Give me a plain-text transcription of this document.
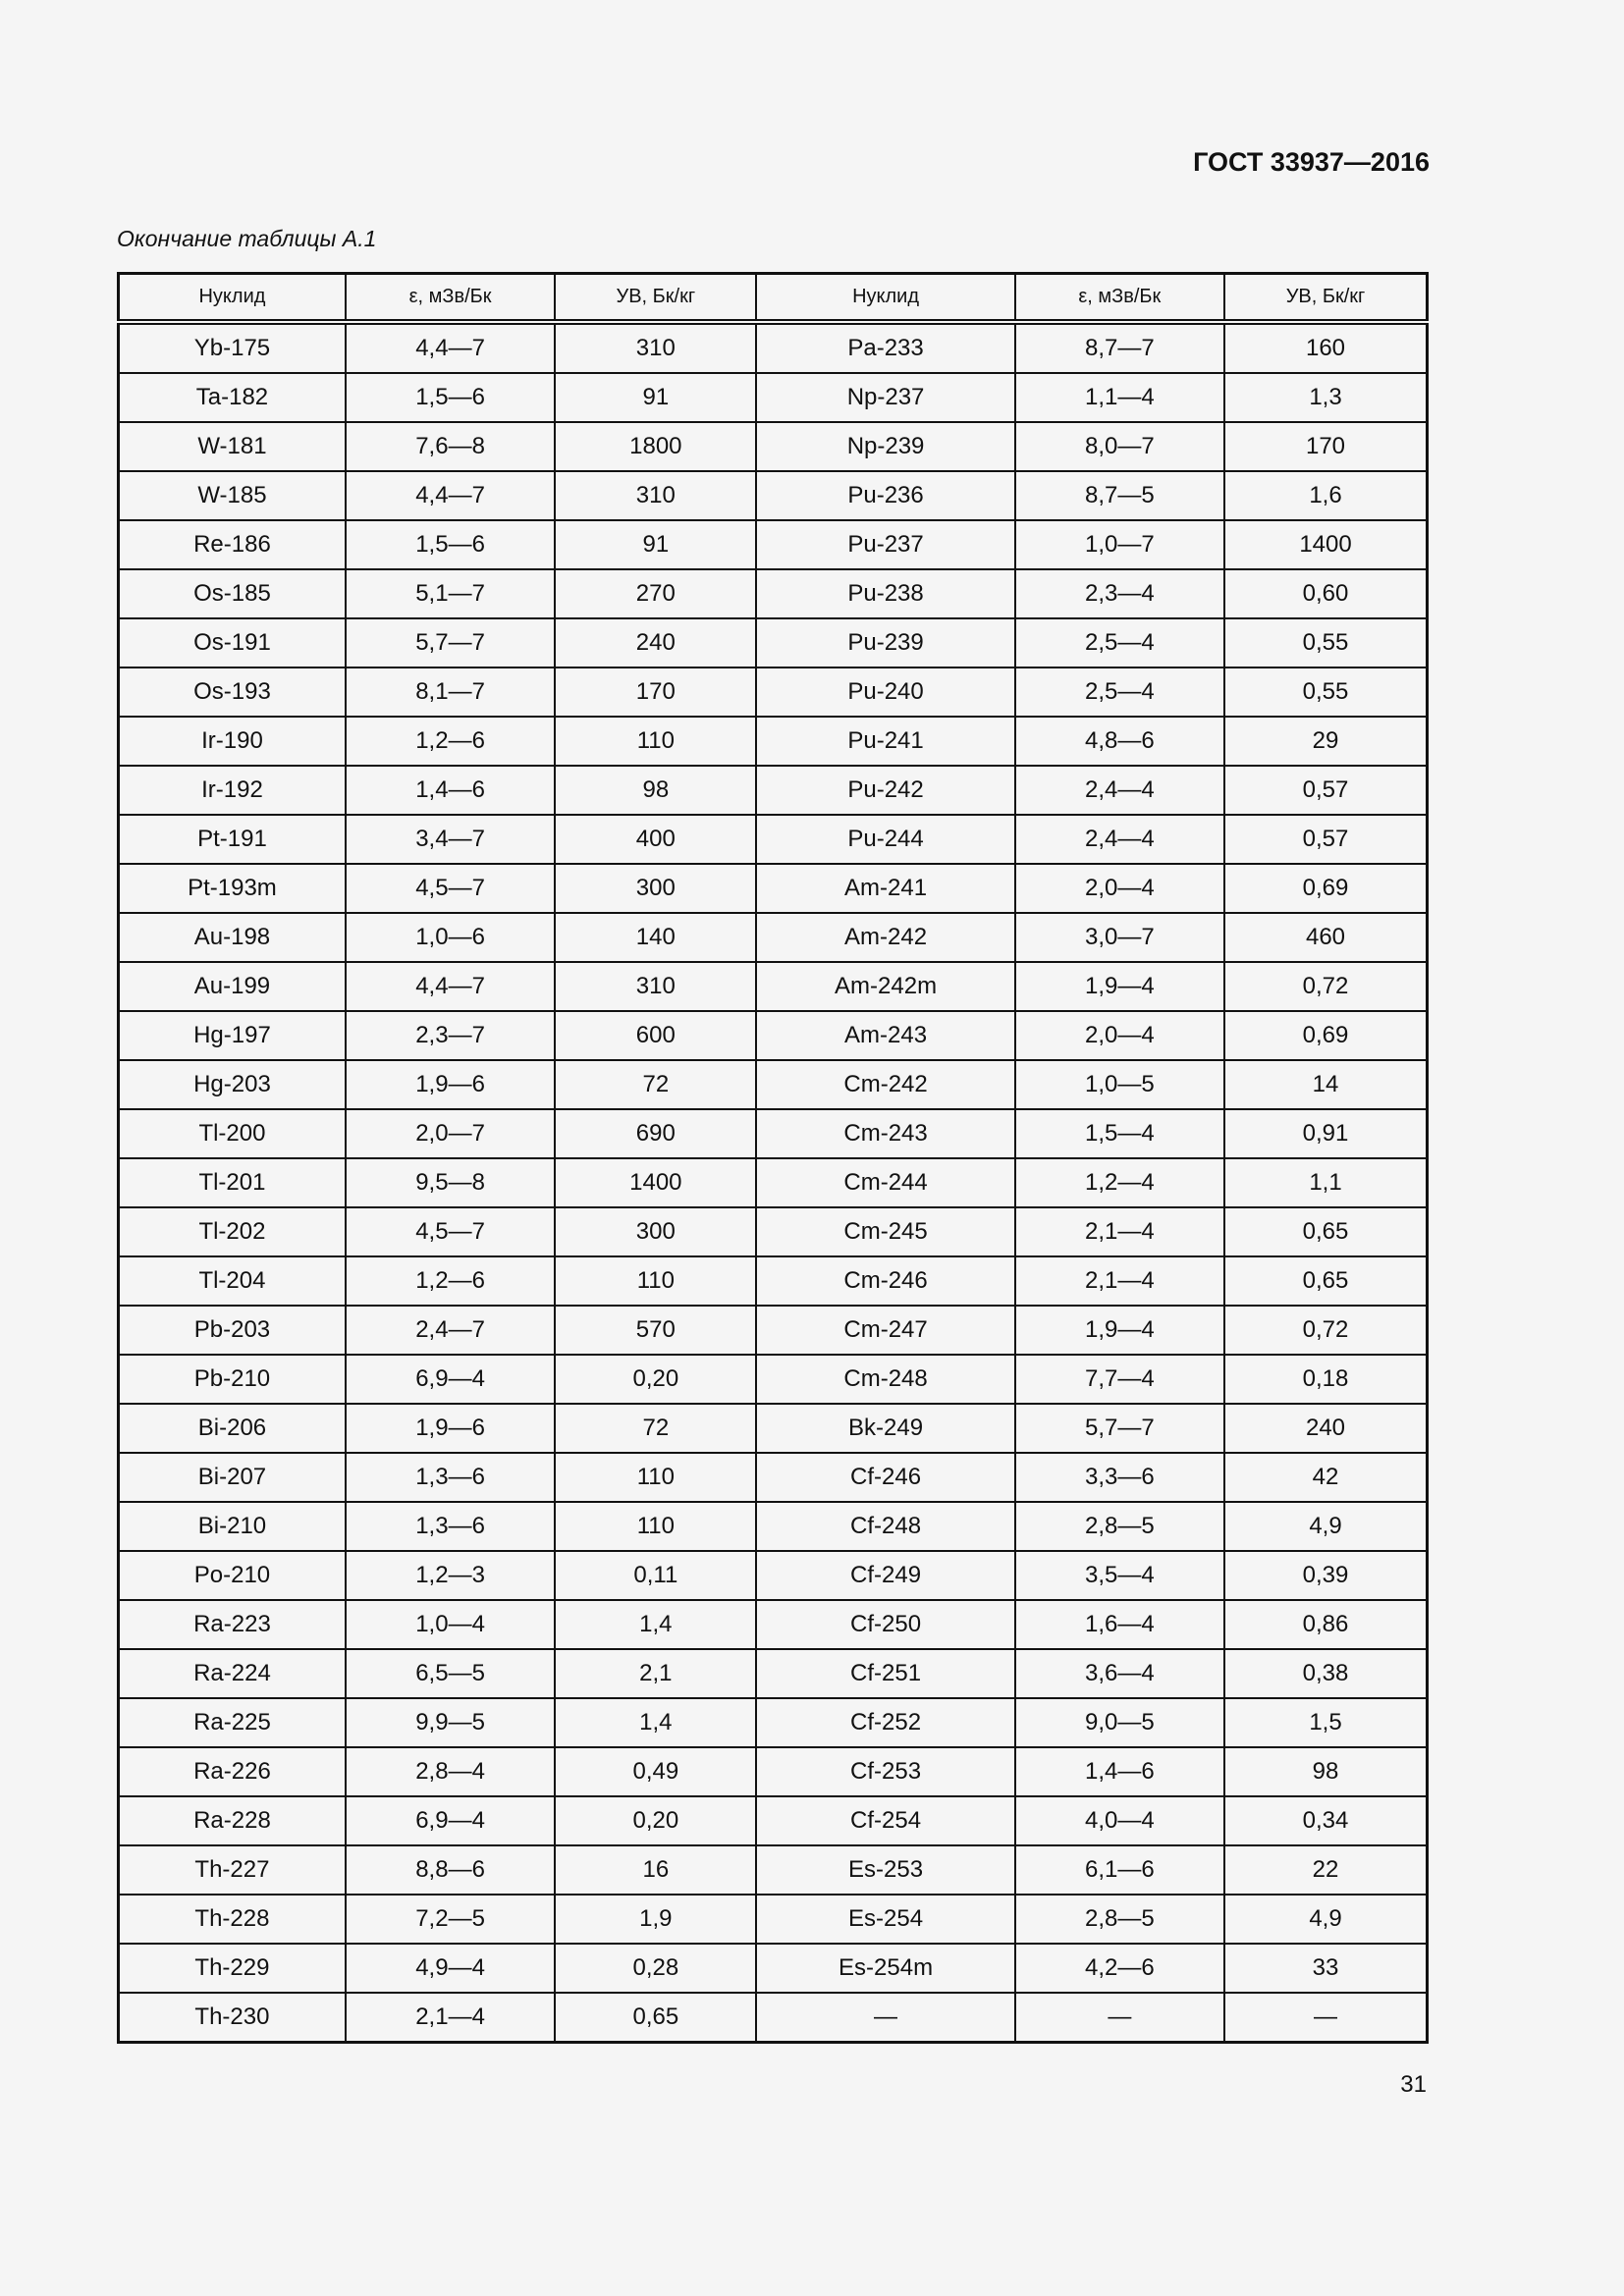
ГОСТ 33937—2016
Окончание таблицы А.1
Нуклид	ε, мЗв/Бк	УВ, Бк/кг	Нуклид	ε, мЗв/Бк	УВ, Бк/кг
Yb-175	4,4—7	310	Pa-233	8,7—7	160
Ta-182	1,5—6	91	Np-237	1,1—4	1,3
W-181	7,6—8	1800	Np-239	8,0—7	170
W-185	4,4—7	310	Pu-236	8,7—5	1,6
Re-186	1,5—6	91	Pu-237	1,0—7	1400
Os-185	5,1—7	270	Pu-238	2,3—4	0,60
Os-191	5,7—7	240	Pu-239	2,5—4	0,55
Os-193	8,1—7	170	Pu-240	2,5—4	0,55
Ir-190	1,2—6	110	Pu-241	4,8—6	29
Ir-192	1,4—6	98	Pu-242	2,4—4	0,57
Pt-191	3,4—7	400	Pu-244	2,4—4	0,57
Pt-193m	4,5—7	300	Am-241	2,0—4	0,69
Au-198	1,0—6	140	Am-242	3,0—7	460
Au-199	4,4—7	310	Am-242m	1,9—4	0,72
Hg-197	2,3—7	600	Am-243	2,0—4	0,69
Hg-203	1,9—6	72	Cm-242	1,0—5	14
Tl-200	2,0—7	690	Cm-243	1,5—4	0,91
Tl-201	9,5—8	1400	Cm-244	1,2—4	1,1
Tl-202	4,5—7	300	Cm-245	2,1—4	0,65
Tl-204	1,2—6	110	Cm-246	2,1—4	0,65
Pb-203	2,4—7	570	Cm-247	1,9—4	0,72
Pb-210	6,9—4	0,20	Cm-248	7,7—4	0,18
Bi-206	1,9—6	72	Bk-249	5,7—7	240
Bi-207	1,3—6	110	Cf-246	3,3—6	42
Bi-210	1,3—6	110	Cf-248	2,8—5	4,9
Po-210	1,2—3	0,11	Cf-249	3,5—4	0,39
Ra-223	1,0—4	1,4	Cf-250	1,6—4	0,86
Ra-224	6,5—5	2,1	Cf-251	3,6—4	0,38
Ra-225	9,9—5	1,4	Cf-252	9,0—5	1,5
Ra-226	2,8—4	0,49	Cf-253	1,4—6	98
Ra-228	6,9—4	0,20	Cf-254	4,0—4	0,34
Th-227	8,8—6	16	Es-253	6,1—6	22
Th-228	7,2—5	1,9	Es-254	2,8—5	4,9
Th-229	4,9—4	0,28	Es-254m	4,2—6	33
Th-230	2,1—4	0,65	—	—	—
31
